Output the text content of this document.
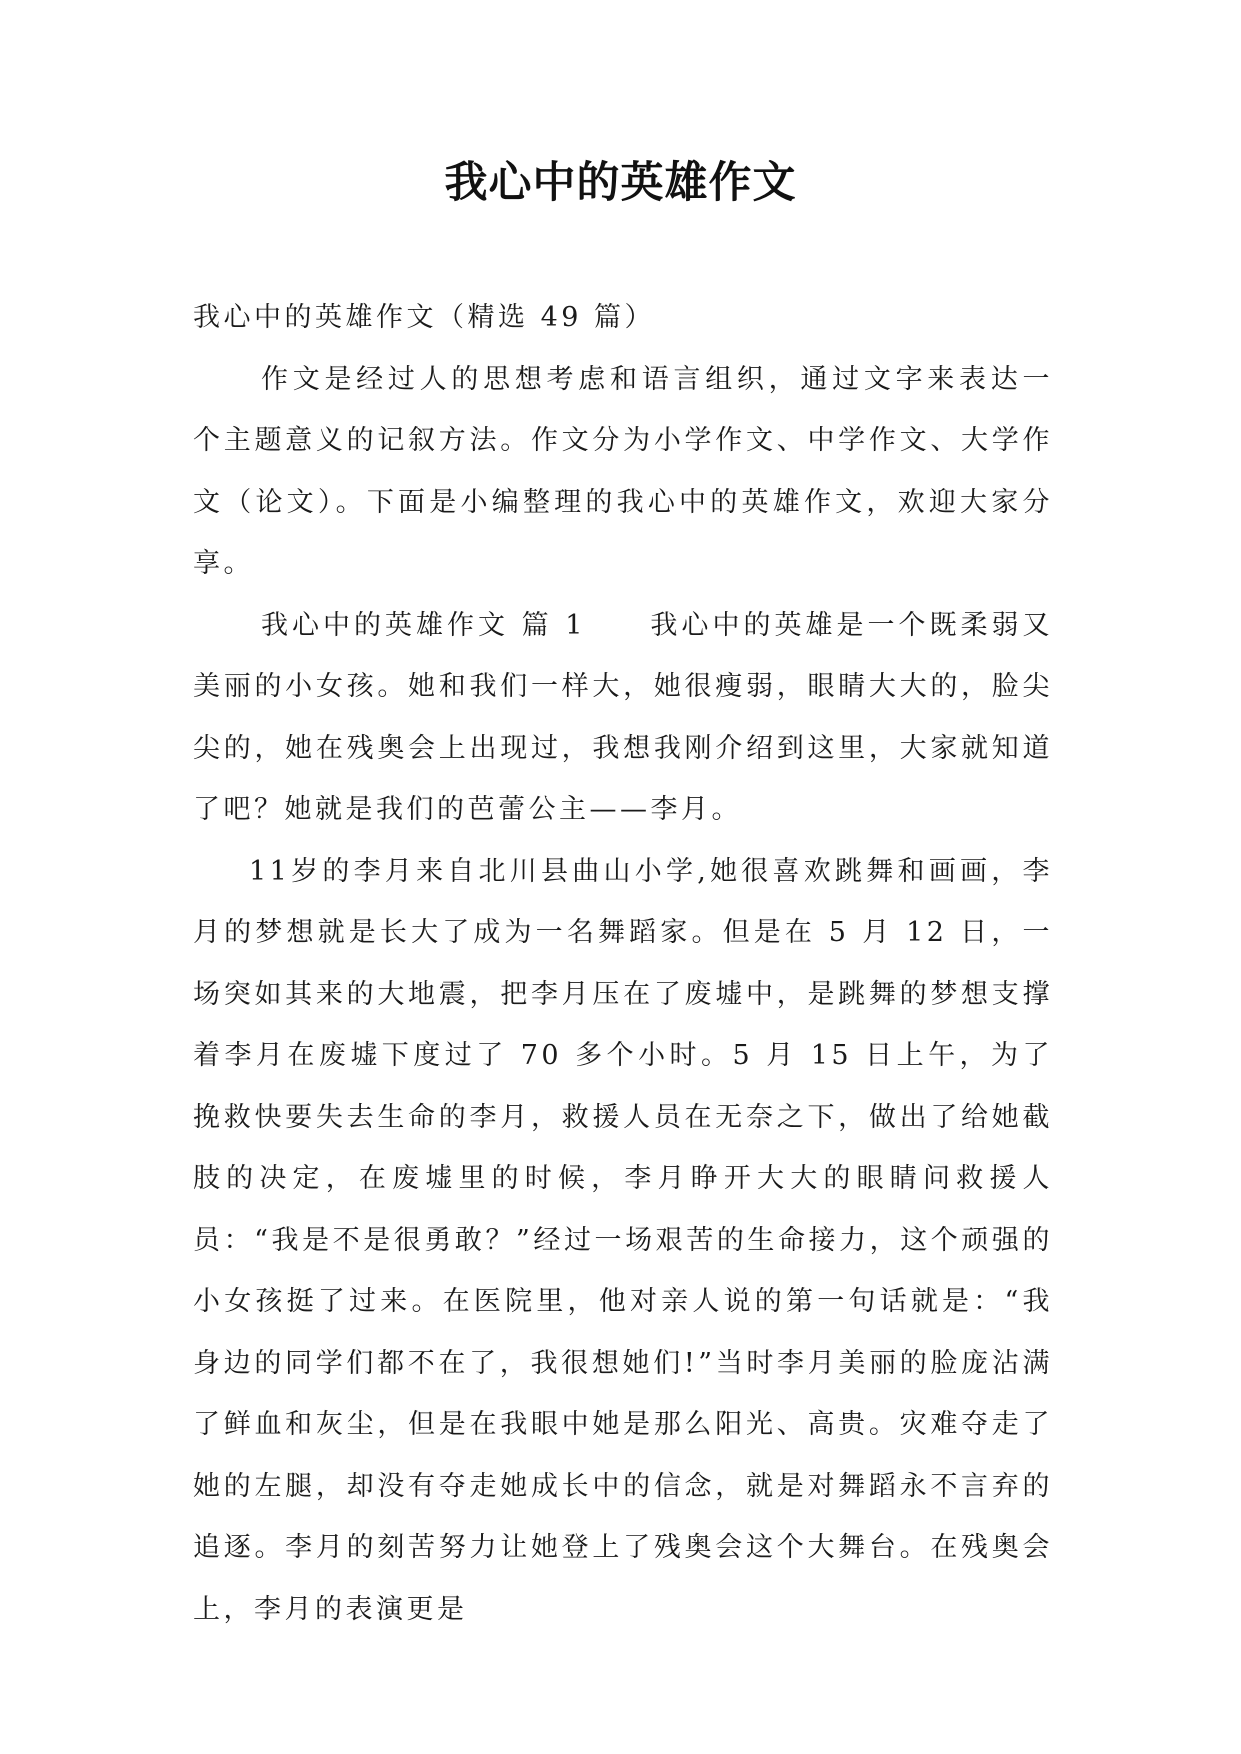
我心中的英雄作文

我心中的英雄作文（精选 49 篇）

作文是经过人的思想考虑和语言组织，通过文字来表达一个主题意义的记叙方法。作文分为小学作文、中学作文、大学作文（论文）。下面是小编整理的我心中的英雄作文，欢迎大家分享。

我心中的英雄作文 篇 1 我心中的英雄是一个既柔弱又美丽的小女孩。她和我们一样大，她很瘦弱，眼睛大大的，脸尖尖的，她在残奥会上出现过，我想我刚介绍到这里，大家就知道了吧？她就是我们的芭蕾公主——李月。

11岁的李月来自北川县曲山小学,她很喜欢跳舞和画画，李月的梦想就是长大了成为一名舞蹈家。但是在 5 月 12 日，一场突如其来的大地震，把李月压在了废墟中，是跳舞的梦想支撑着李月在废墟下度过了 70 多个小时。5 月 15 日上午，为了挽救快要失去生命的李月，救援人员在无奈之下，做出了给她截肢的决定，在废墟里的时候，李月睁开大大的眼睛问救援人员：“我是不是很勇敢？”经过一场艰苦的生命接力，这个顽强的小女孩挺了过来。在医院里，他对亲人说的第一句话就是：“我身边的同学们都不在了，我很想她们!”当时李月美丽的脸庞沾满了鲜血和灰尘，但是在我眼中她是那么阳光、高贵。灾难夺走了她的左腿，却没有夺走她成长中的信念，就是对舞蹈永不言弃的追逐。李月的刻苦努力让她登上了残奥会这个大舞台。在残奥会上，李月的表演更是
